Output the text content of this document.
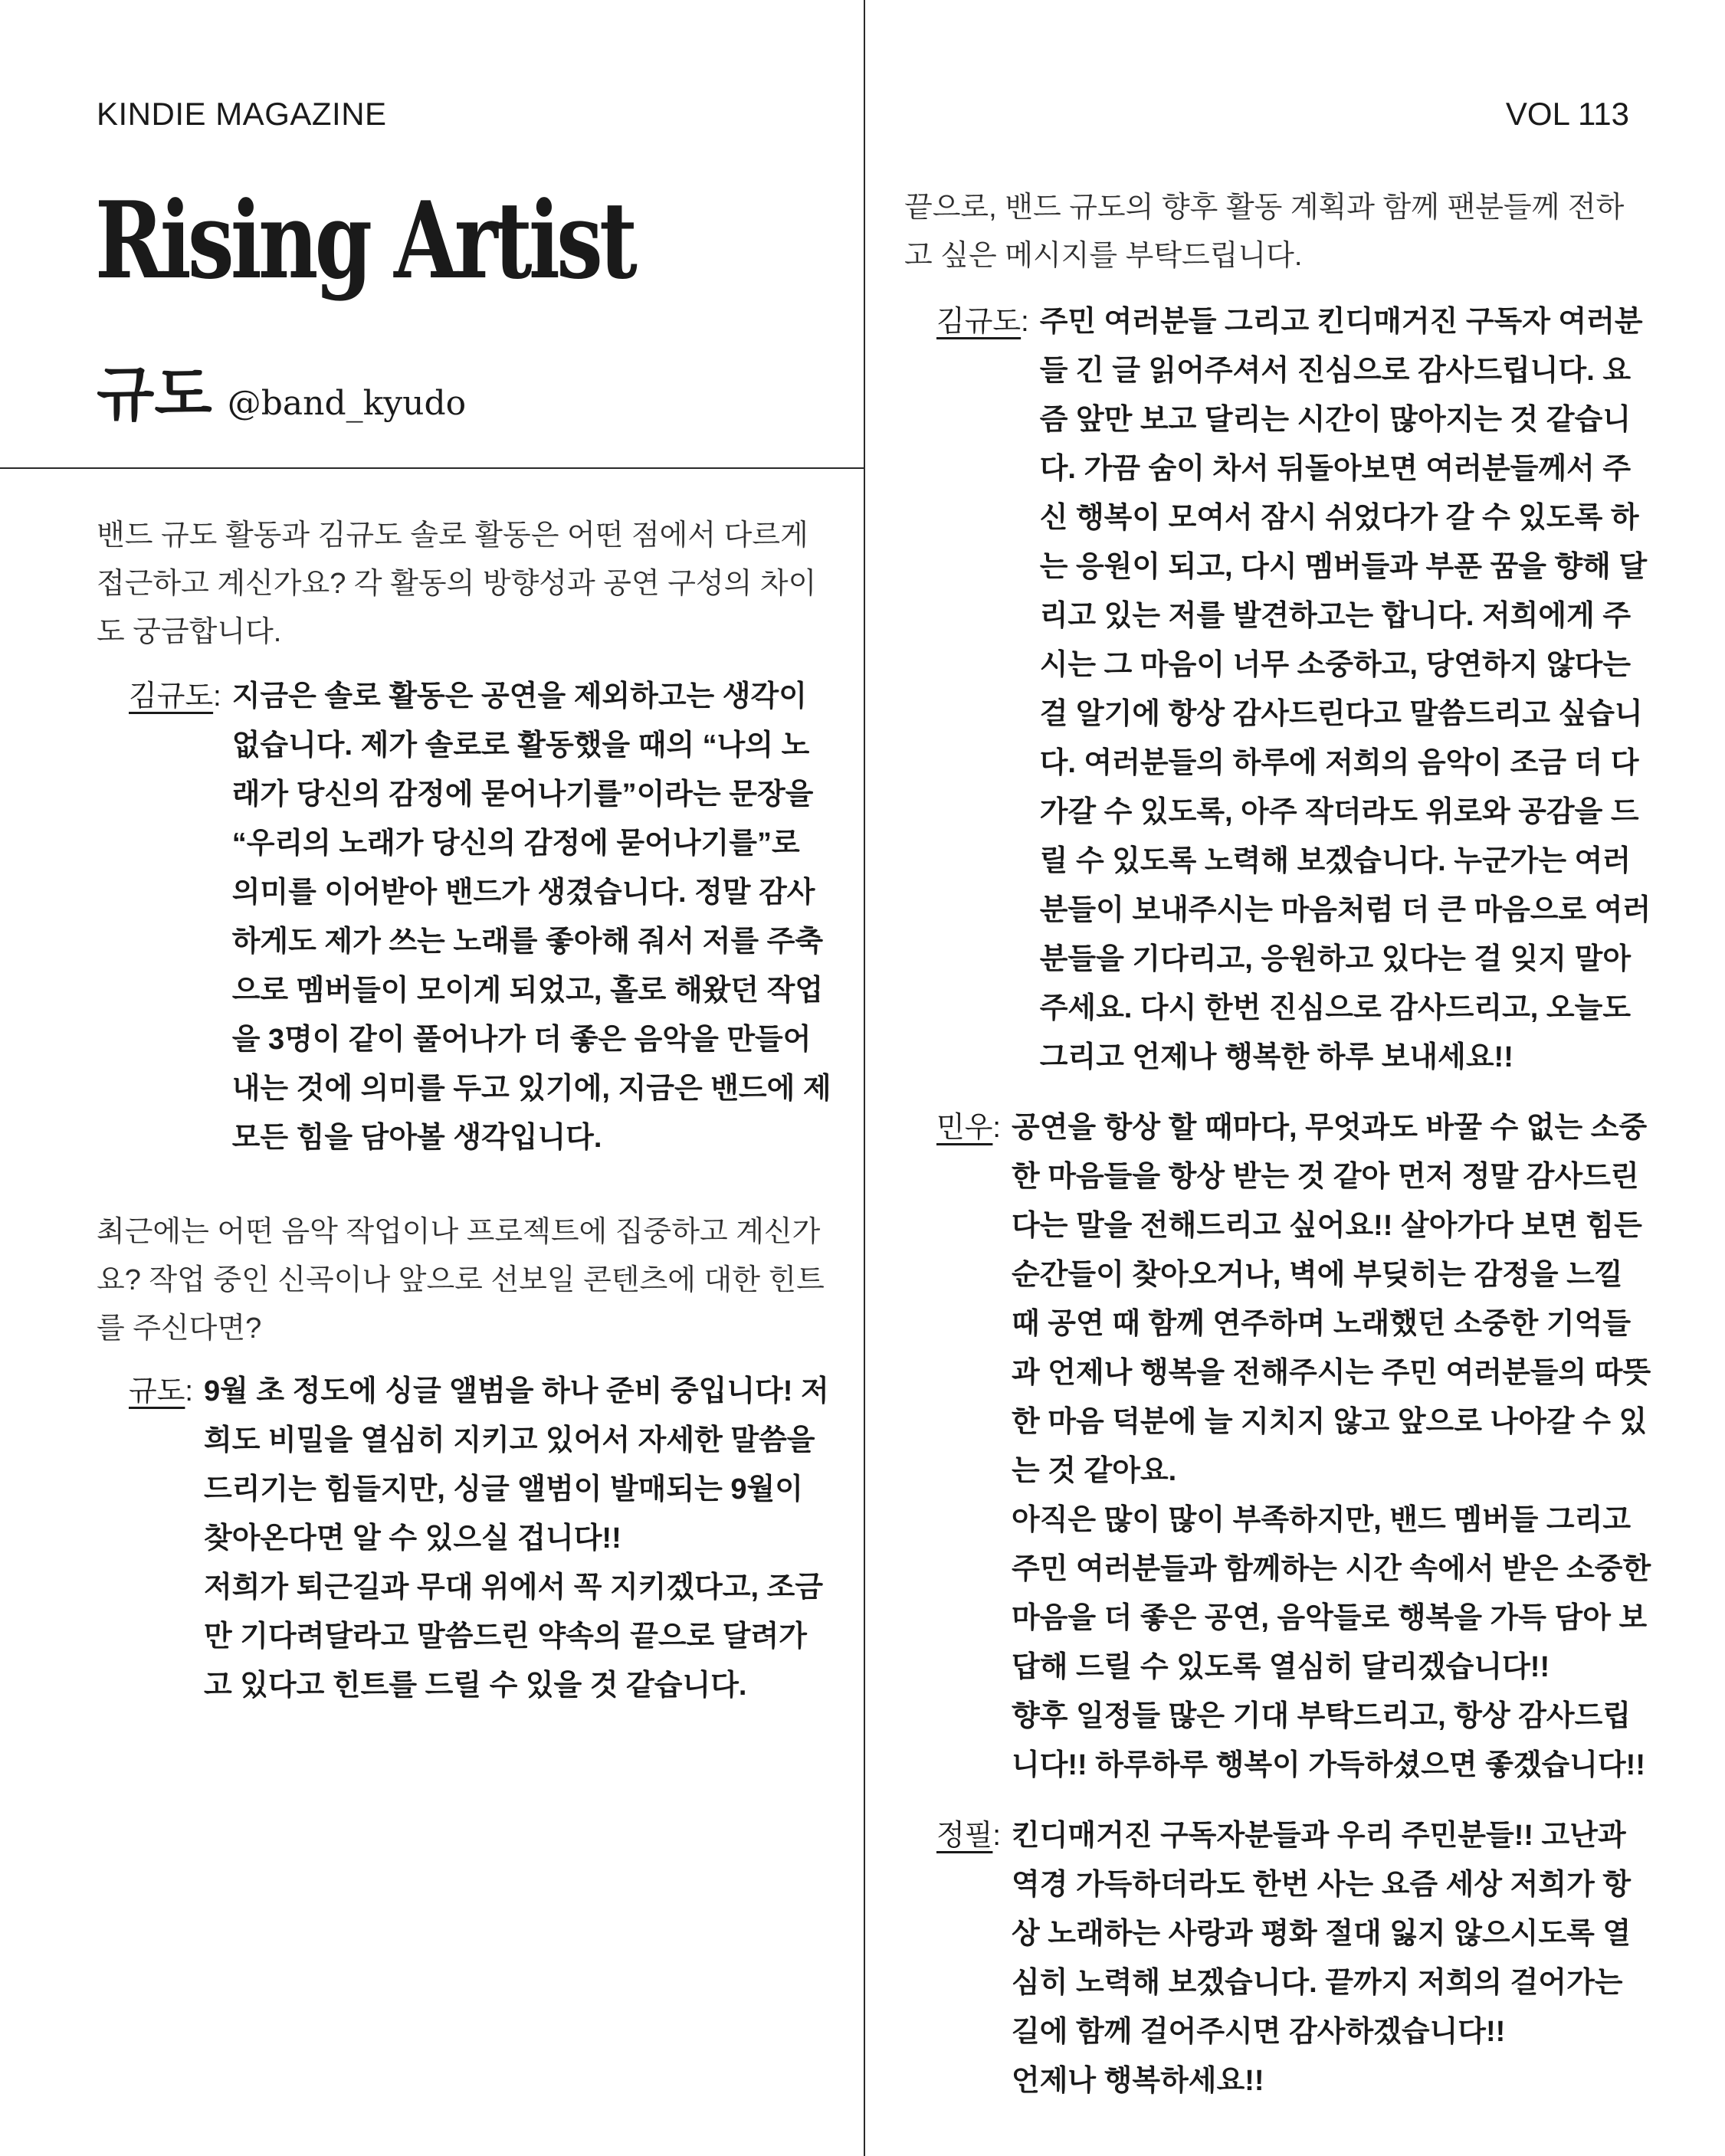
KINDIE MAGAZINE	VOL 113
Rising Artist
규도 @band_kyudo

밴드 규도 활동과 김규도 솔로 활동은 어떤 점에서 다르게 접근하고 계신가요? 각 활동의 방향성과 공연 구성의 차이도 궁금합니다.

김규도 : 지금은 솔로 활동은 공연을 제외하고는 생각이 없습니다. 제가 솔로로 활동했을 때의 “나의 노래가 당신의 감정에 묻어나기를”이라는 문장을 “우리의 노래가 당신의 감정에 묻어나기를”로 의미를 이어받아 밴드가 생겼습니다. 정말 감사하게도 제가 쓰는 노래를 좋아해 줘서 저를 주축으로 멤버들이 모이게 되었고, 홀로 해왔던 작업을 3명이 같이 풀어나가 더 좋은 음악을 만들어 내는 것에 의미를 두고 있기에, 지금은 밴드에 제 모든 힘을 담아볼 생각입니다.

최근에는 어떤 음악 작업이나 프로젝트에 집중하고 계신가요? 작업 중인 신곡이나 앞으로 선보일 콘텐츠에 대한 힌트를 주신다면?

규도 : 9월 초 정도에 싱글 앨범을 하나 준비 중입니다! 저희도 비밀을 열심히 지키고 있어서 자세한 말씀을 드리기는 힘들지만, 싱글 앨범이 발매되는 9월이 찾아온다면 알 수 있으실 겁니다!!

저희가 퇴근길과 무대 위에서 꼭 지키겠다고, 조금만 기다려달라고 말씀드린 약속의 끝으로 달려가고 있다고 힌트를 드릴 수 있을 것 같습니다.

끝으로, 밴드 규도의 향후 활동 계획과 함께 팬분들께 전하고 싶은 메시지를 부탁드립니다.

김규도 : 주민 여러분들 그리고 킨디매거진 구독자 여러분들 긴 글 읽어주셔서 진심으로 감사드립니다. 요즘 앞만 보고 달리는 시간이 많아지는 것 같습니다. 가끔 숨이 차서 뒤돌아보면 여러분들께서 주신 행복이 모여서 잠시 쉬었다가 갈 수 있도록 하는 응원이 되고, 다시 멤버들과 부푼 꿈을 향해 달리고 있는 저를 발견하고는 합니다. 저희에게 주시는 그 마음이 너무 소중하고, 당연하지 않다는 걸 알기에 항상 감사드린다고 말씀드리고 싶습니다. 여러분들의 하루에 저희의 음악이 조금 더 다가갈 수 있도록, 아주 작더라도 위로와 공감을 드릴 수 있도록 노력해 보겠습니다. 누군가는 여러분들이 보내주시는 마음처럼 더 큰 마음으로 여러분들을 기다리고, 응원하고 있다는 걸 잊지 말아 주세요. 다시 한번 진심으로 감사드리고, 오늘도 그리고 언제나 행복한 하루 보내세요!!

민우 : 공연을 항상 할 때마다, 무엇과도 바꿀 수 없는 소중한 마음들을 항상 받는 것 같아 먼저 정말 감사드린다는 말을 전해드리고 싶어요!! 살아가다 보면 힘든 순간들이 찾아오거나, 벽에 부딪히는 감정을 느낄 때 공연 때 함께 연주하며 노래했던 소중한 기억들과 언제나 행복을 전해주시는 주민 여러분들의 따뜻한 마음 덕분에 늘 지치지 않고 앞으로 나아갈 수 있는 것 같아요.

아직은 많이 많이 부족하지만, 밴드 멤버들 그리고 주민 여러분들과 함께하는 시간 속에서 받은 소중한 마음을 더 좋은 공연, 음악들로 행복을 가득 담아 보답해 드릴 수 있도록 열심히 달리겠습니다!!

향후 일정들 많은 기대 부탁드리고, 항상 감사드립니다!! 하루하루 행복이 가득하셨으면 좋겠습니다!!

정필 : 킨디매거진 구독자분들과 우리 주민분들!! 고난과 역경 가득하더라도 한번 사는 요즘 세상 저희가 항상 노래하는 사랑과 평화 절대 잃지 않으시도록 열심히 노력해 보겠습니다. 끝까지 저희의 걸어가는 길에 함께 걸어주시면 감사하겠습니다!!

언제나 행복하세요!!
